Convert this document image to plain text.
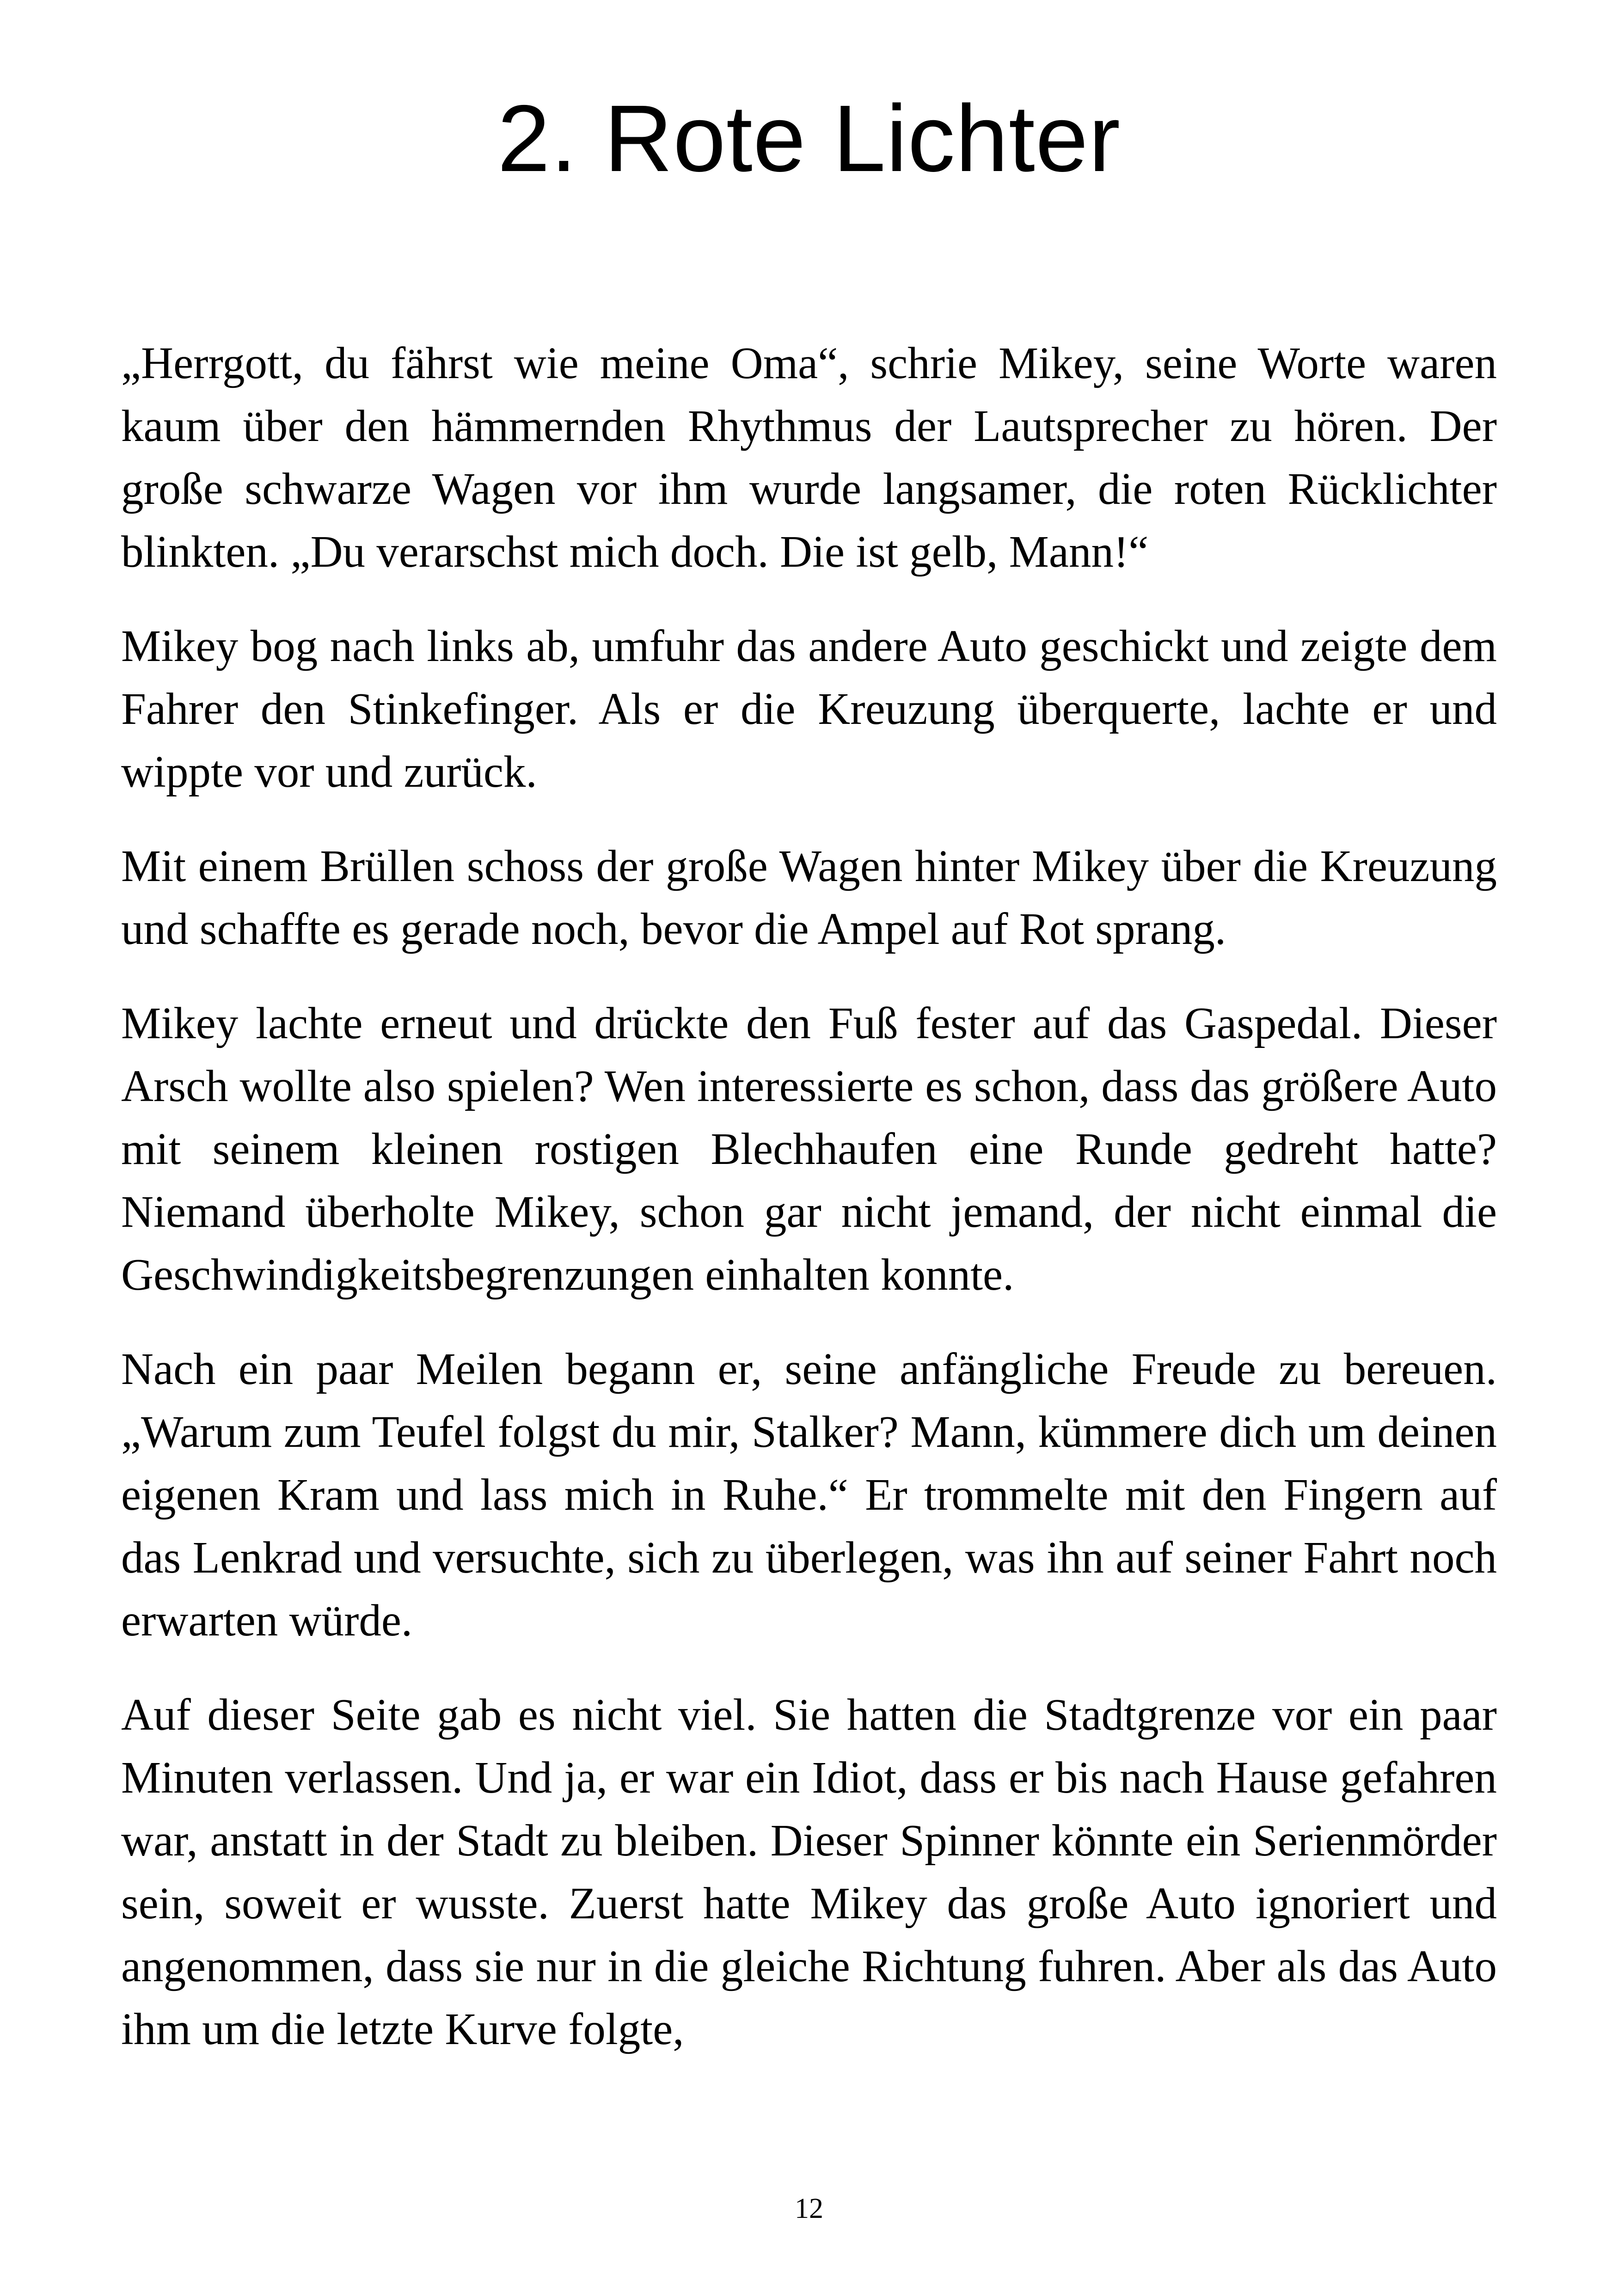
2. Rote Lichter

„Herrgott, du fährst wie meine Oma“, schrie Mikey, seine Worte waren kaum über den hämmernden Rhythmus der Lautsprecher zu hören. Der große schwarze Wagen vor ihm wurde langsamer, die roten Rücklichter blinkten. „Du verarschst mich doch. Die ist gelb, Mann!“

Mikey bog nach links ab, umfuhr das andere Auto geschickt und zeigte dem Fahrer den Stinkefinger. Als er die Kreuzung überquerte, lachte er und wippte vor und zurück.

Mit einem Brüllen schoss der große Wagen hinter Mikey über die Kreuzung und schaffte es gerade noch, bevor die Ampel auf Rot sprang.

Mikey lachte erneut und drückte den Fuß fester auf das Gaspedal. Dieser Arsch wollte also spielen? Wen interessierte es schon, dass das größere Auto mit seinem kleinen rostigen Blechhaufen eine Runde gedreht hatte? Niemand überholte Mikey, schon gar nicht jemand, der nicht einmal die Geschwindigkeitsbegrenzungen einhalten konnte.

Nach ein paar Meilen begann er, seine anfängliche Freude zu bereuen. „Warum zum Teufel folgst du mir, Stalker? Mann, kümmere dich um deinen eigenen Kram und lass mich in Ruhe.“ Er trommelte mit den Fingern auf das Lenkrad und versuchte, sich zu überlegen, was ihn auf seiner Fahrt noch erwarten würde.

Auf dieser Seite gab es nicht viel. Sie hatten die Stadtgrenze vor ein paar Minuten verlassen. Und ja, er war ein Idiot, dass er bis nach Hause gefahren war, anstatt in der Stadt zu bleiben. Dieser Spinner könnte ein Serienmörder sein, soweit er wusste. Zuerst hatte Mikey das große Auto ignoriert und angenommen, dass sie nur in die gleiche Richtung fuhren. Aber als das Auto ihm um die letzte Kurve folgte,

12
